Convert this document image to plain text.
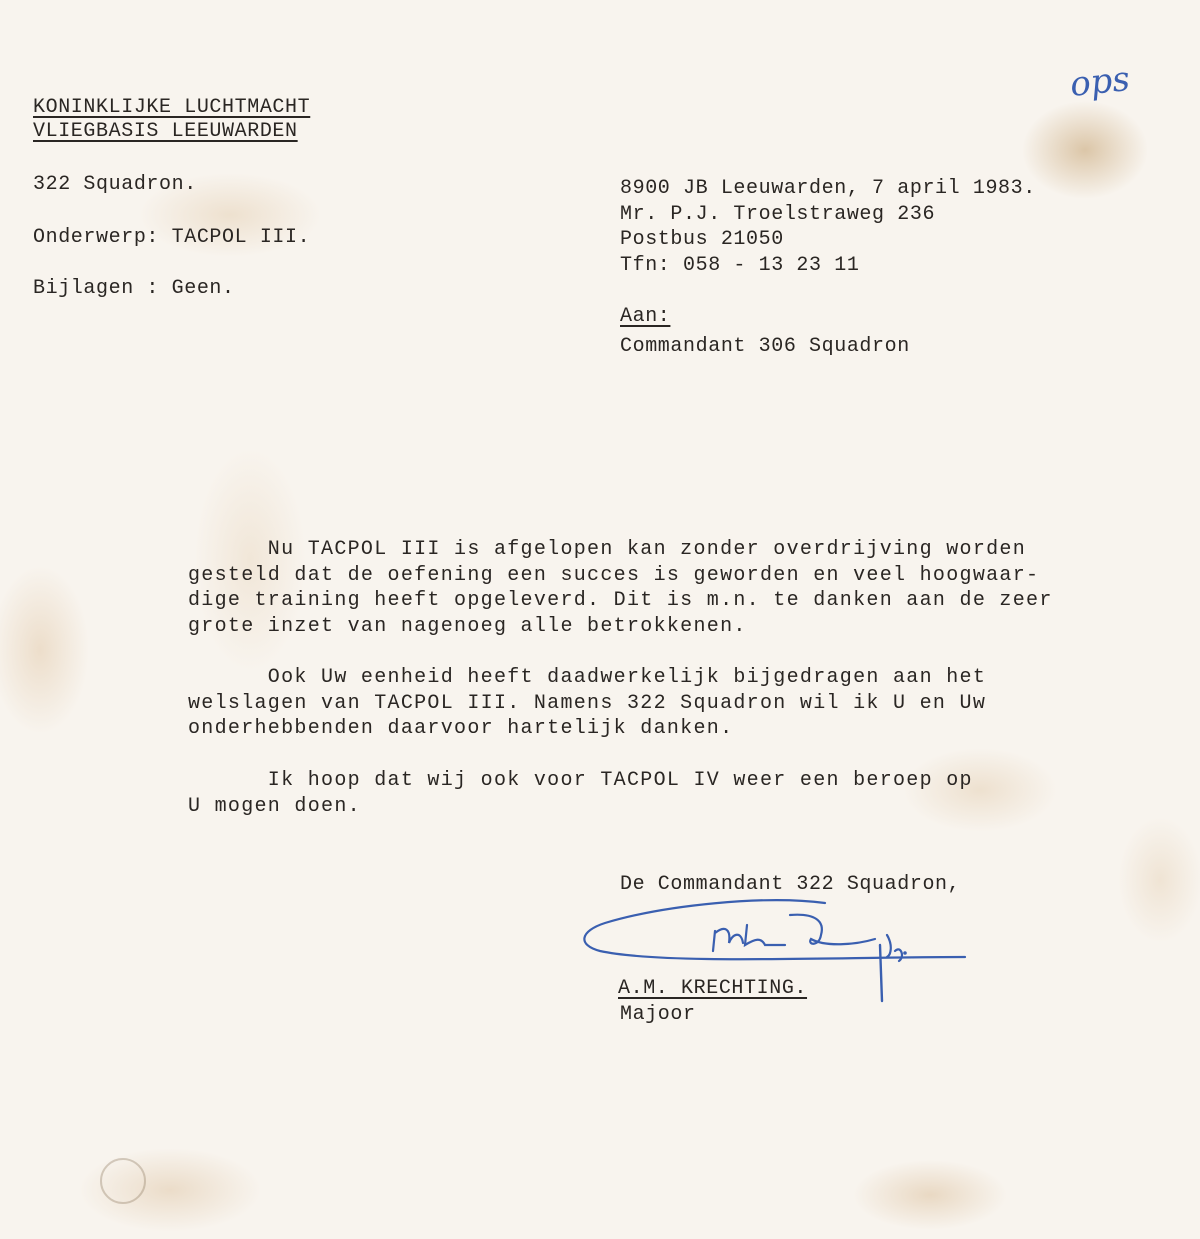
KONINKLIJKE LUCHTMACHT
VLIEGBASIS LEEUWARDEN
322 Squadron.
Onderwerp: TACPOL III.
Bijlagen : Geen.
ops
8900 JB Leeuwarden, 7 april 1983.
Mr. P.J. Troelstraweg 236
Postbus 21050
Tfn: 058 - 13 23 11
Aan:
Commandant 306 Squadron
Nu TACPOL III is afgelopen kan zonder overdrijving worden
gesteld dat de oefening een succes is geworden en veel hoogwaar-
dige training heeft opgeleverd. Dit is m.n. te danken aan de zeer
grote inzet van nagenoeg alle betrokkenen.
Ook Uw eenheid heeft daadwerkelijk bijgedragen aan het
welslagen van TACPOL III. Namens 322 Squadron wil ik U en Uw
onderhebbenden daarvoor hartelijk danken.
Ik hoop dat wij ook voor TACPOL IV weer een beroep op
U mogen doen.
De Commandant 322 Squadron,
A.M. KRECHTING.
Majoor
